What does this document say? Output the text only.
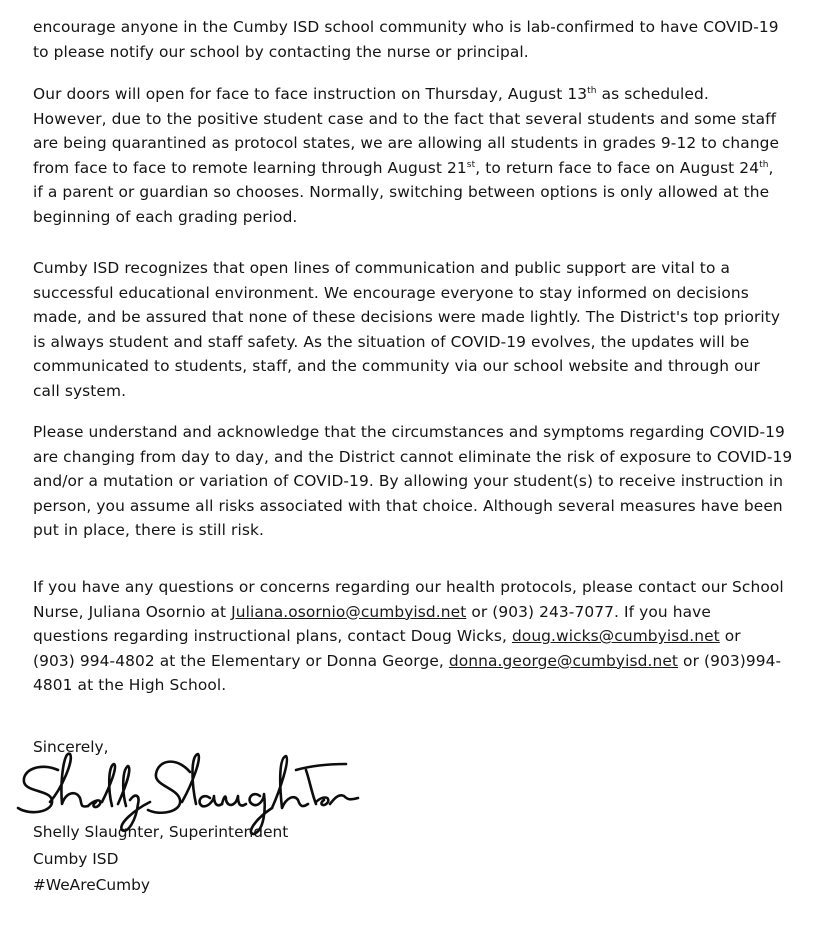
encourage anyone in the Cumby ISD school community who is lab-confirmed to have COVID-19
to please notify our school by contacting the nurse or principal.
Our doors will open for face to face instruction on Thursday, August 13th as scheduled.
However, due to the positive student case and to the fact that several students and some staff
are being quarantined as protocol states, we are allowing all students in grades 9-12 to change
from face to face to remote learning through August 21st, to return face to face on August 24th,
if a parent or guardian so chooses. Normally, switching between options is only allowed at the
beginning of each grading period.
Cumby ISD recognizes that open lines of communication and public support are vital to a
successful educational environment. We encourage everyone to stay informed on decisions
made, and be assured that none of these decisions were made lightly. The District's top priority
is always student and staff safety. As the situation of COVID-19 evolves, the updates will be
communicated to students, staff, and the community via our school website and through our
call system.
Please understand and acknowledge that the circumstances and symptoms regarding COVID-19
are changing from day to day, and the District cannot eliminate the risk of exposure to COVID-19
and/or a mutation or variation of COVID-19. By allowing your student(s) to receive instruction in
person, you assume all risks associated with that choice. Although several measures have been
put in place, there is still risk.
If you have any questions or concerns regarding our health protocols, please contact our School
Nurse, Juliana Osornio at Juliana.osornio@cumbyisd.net or (903) 243-7077. If you have
questions regarding instructional plans, contact Doug Wicks, doug.wicks@cumbyisd.net or
(903) 994-4802 at the Elementary or Donna George, donna.george@cumbyisd.net or (903)994-
4801 at the High School.
Sincerely,
Shelly Slaughter, Superintendent
Cumby ISD
#WeAreCumby
